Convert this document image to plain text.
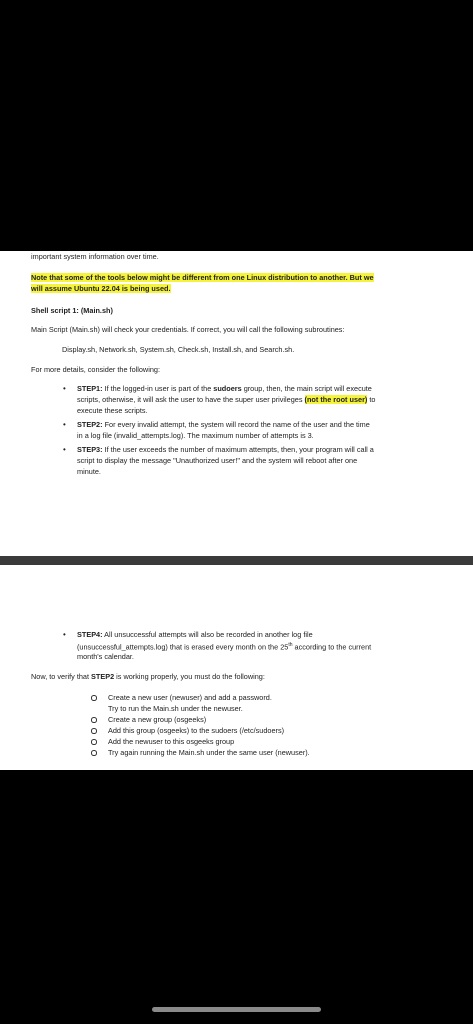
important system information over time.
Note that some of the tools below might be different from one Linux distribution to another. But we
will assume Ubuntu 22.04 is being used.
Shell script 1: (Main.sh)
Main Script (Main.sh) will check your credentials. If correct, you will call the following subroutines:
Display.sh, Network.sh, System.sh, Check.sh, Install.sh, and Search.sh.
For more details, consider the following:
• STEP1: If the logged-in user is part of the sudoers group, then, the main script will execute
scripts, otherwise, it will ask the user to have the super user privileges (not the root user) to
execute these scripts.
• STEP2: For every invalid attempt, the system will record the name of the user and the time
in a log file (invalid_attempts.log). The maximum number of attempts is 3.
• STEP3: If the user exceeds the number of maximum attempts, then, your program will call a
script to display the message "Unauthorized user!" and the system will reboot after one
minute.
• STEP4: All unsuccessful attempts will also be recorded in another log file
(unsuccessful_attempts.log) that is erased every month on the 25th according to the current
month's calendar.
Now, to verify that STEP2 is working properly, you must do the following:
Create a new user (newuser) and add a password.
Try to run the Main.sh under the newuser.
Create a new group (osgeeks)
Add this group (osgeeks) to the sudoers (/etc/sudoers)
Add the newuser to this osgeeks group
Try again running the Main.sh under the same user (newuser).
